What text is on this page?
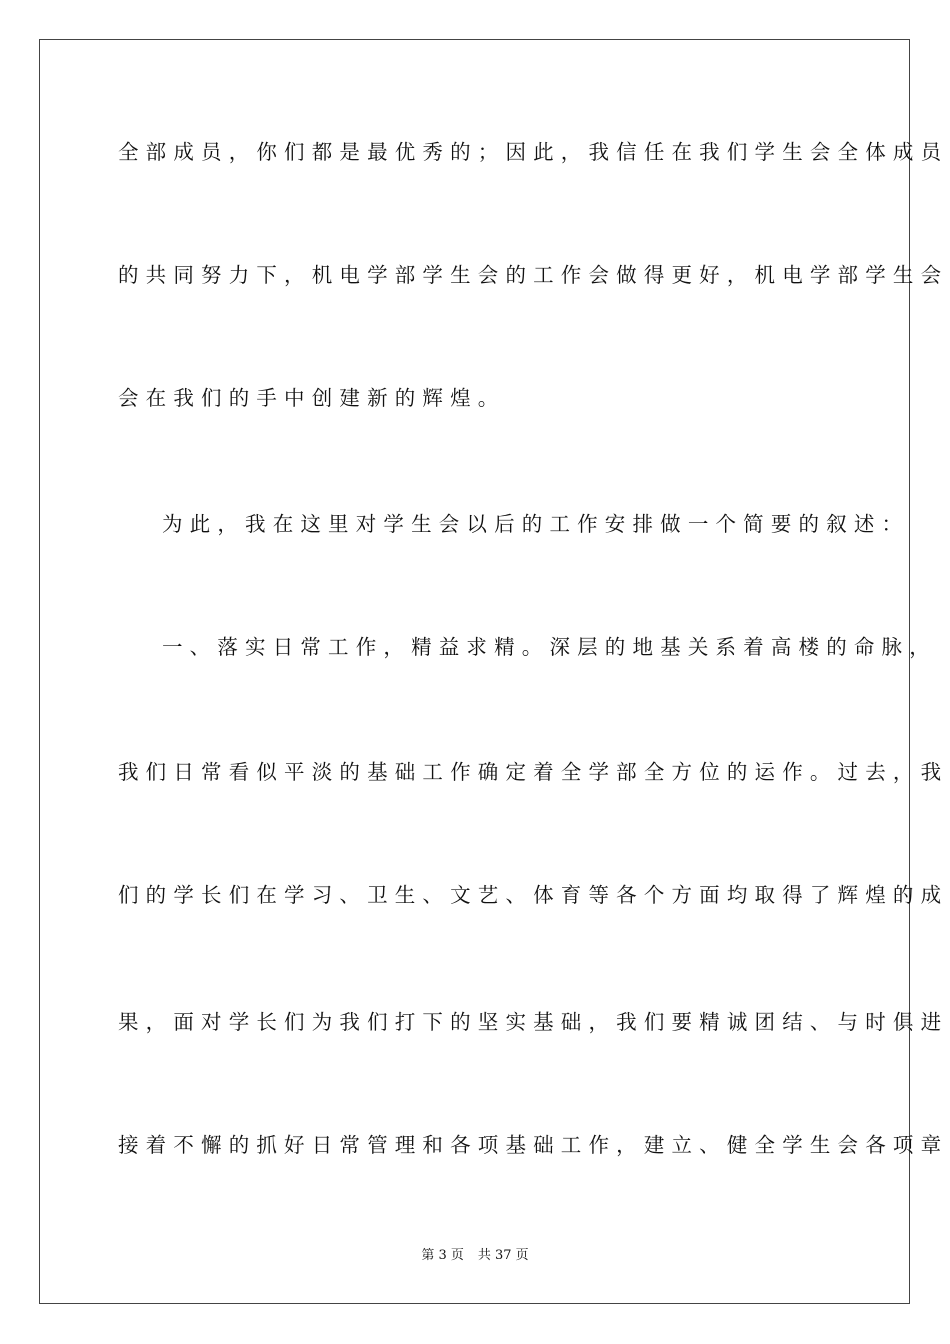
全部成员，你们都是最优秀的；因此，我信任在我们学生会全体成员
的共同努力下，机电学部学生会的工作会做得更好，机电学部学生会
会在我们的手中创建新的辉煌。
为此，我在这里对学生会以后的工作安排做一个简要的叙述：
一、落实日常工作，精益求精。深层的地基关系着高楼的命脉，
我们日常看似平淡的基础工作确定着全学部全方位的运作。过去，我
们的学长们在学习、卫生、文艺、体育等各个方面均取得了辉煌的成
果，面对学长们为我们打下的坚实基础，我们要精诚团结、与时俱进
接着不懈的抓好日常管理和各项基础工作，建立、健全学生会各项章
第 3 页 共 37 页
